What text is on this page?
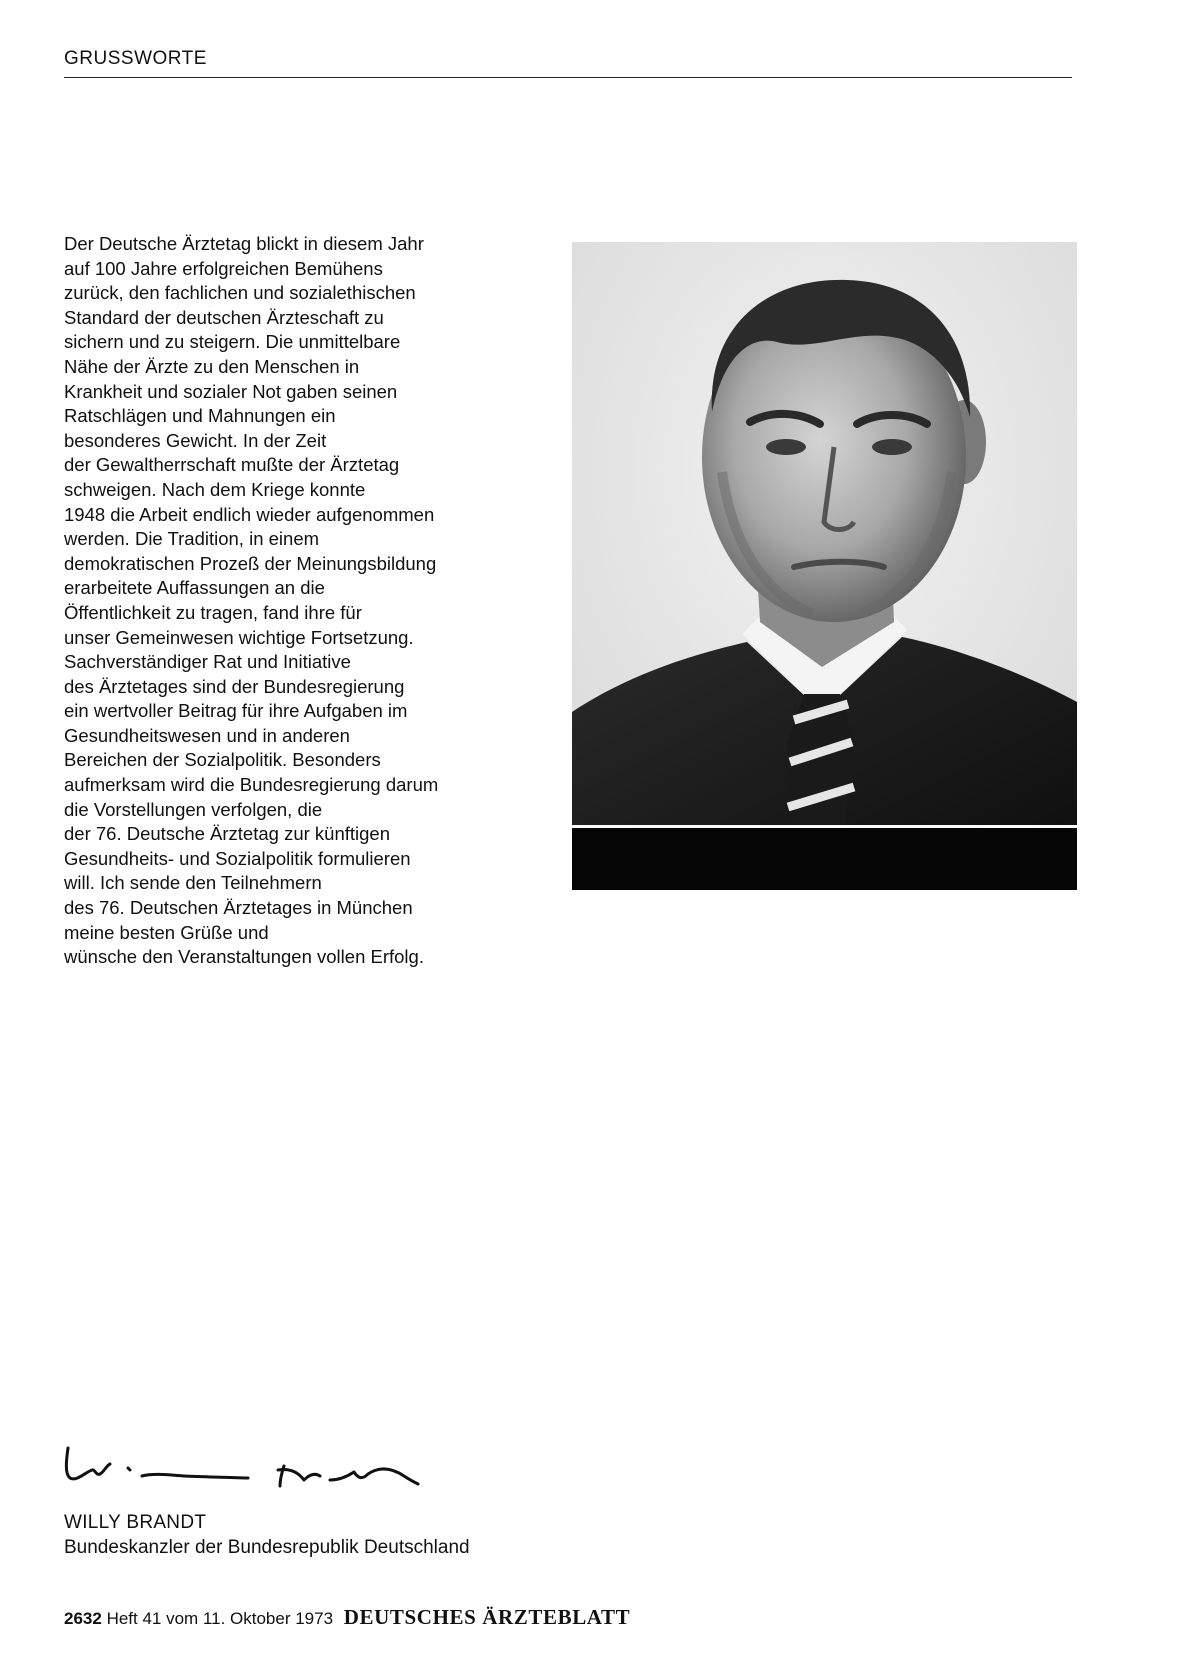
GRUSSWORTE

Der Deutsche Ärztetag blickt in diesem Jahr
auf 100 Jahre erfolgreichen Bemühens
zurück, den fachlichen und sozialethischen
Standard der deutschen Ärzteschaft zu
sichern und zu steigern. Die unmittelbare
Nähe der Ärzte zu den Menschen in
Krankheit und sozialer Not gaben seinen
Ratschlägen und Mahnungen ein
besonderes Gewicht. In der Zeit
der Gewaltherrschaft mußte der Ärztetag
schweigen. Nach dem Kriege konnte
1948 die Arbeit endlich wieder aufgenommen
werden. Die Tradition, in einem
demokratischen Prozeß der Meinungsbildung
erarbeitete Auffassungen an die
Öffentlichkeit zu tragen, fand ihre für
unser Gemeinwesen wichtige Fortsetzung.
Sachverständiger Rat und Initiative
des Ärztetages sind der Bundesregierung
ein wertvoller Beitrag für ihre Aufgaben im
Gesundheitswesen und in anderen
Bereichen der Sozialpolitik. Besonders
aufmerksam wird die Bundesregierung darum
die Vorstellungen verfolgen, die
der 76. Deutsche Ärztetag zur künftigen
Gesundheits- und Sozialpolitik formulieren
will. Ich sende den Teilnehmern
des 76. Deutschen Ärztetages in München
meine besten Grüße und
wünsche den Veranstaltungen vollen Erfolg.

WILLY BRANDT
Bundeskanzler der Bundesrepublik Deutschland
2632 Heft 41 vom 11. Oktober 1973 DEUTSCHES ÄRZTEBLATT
